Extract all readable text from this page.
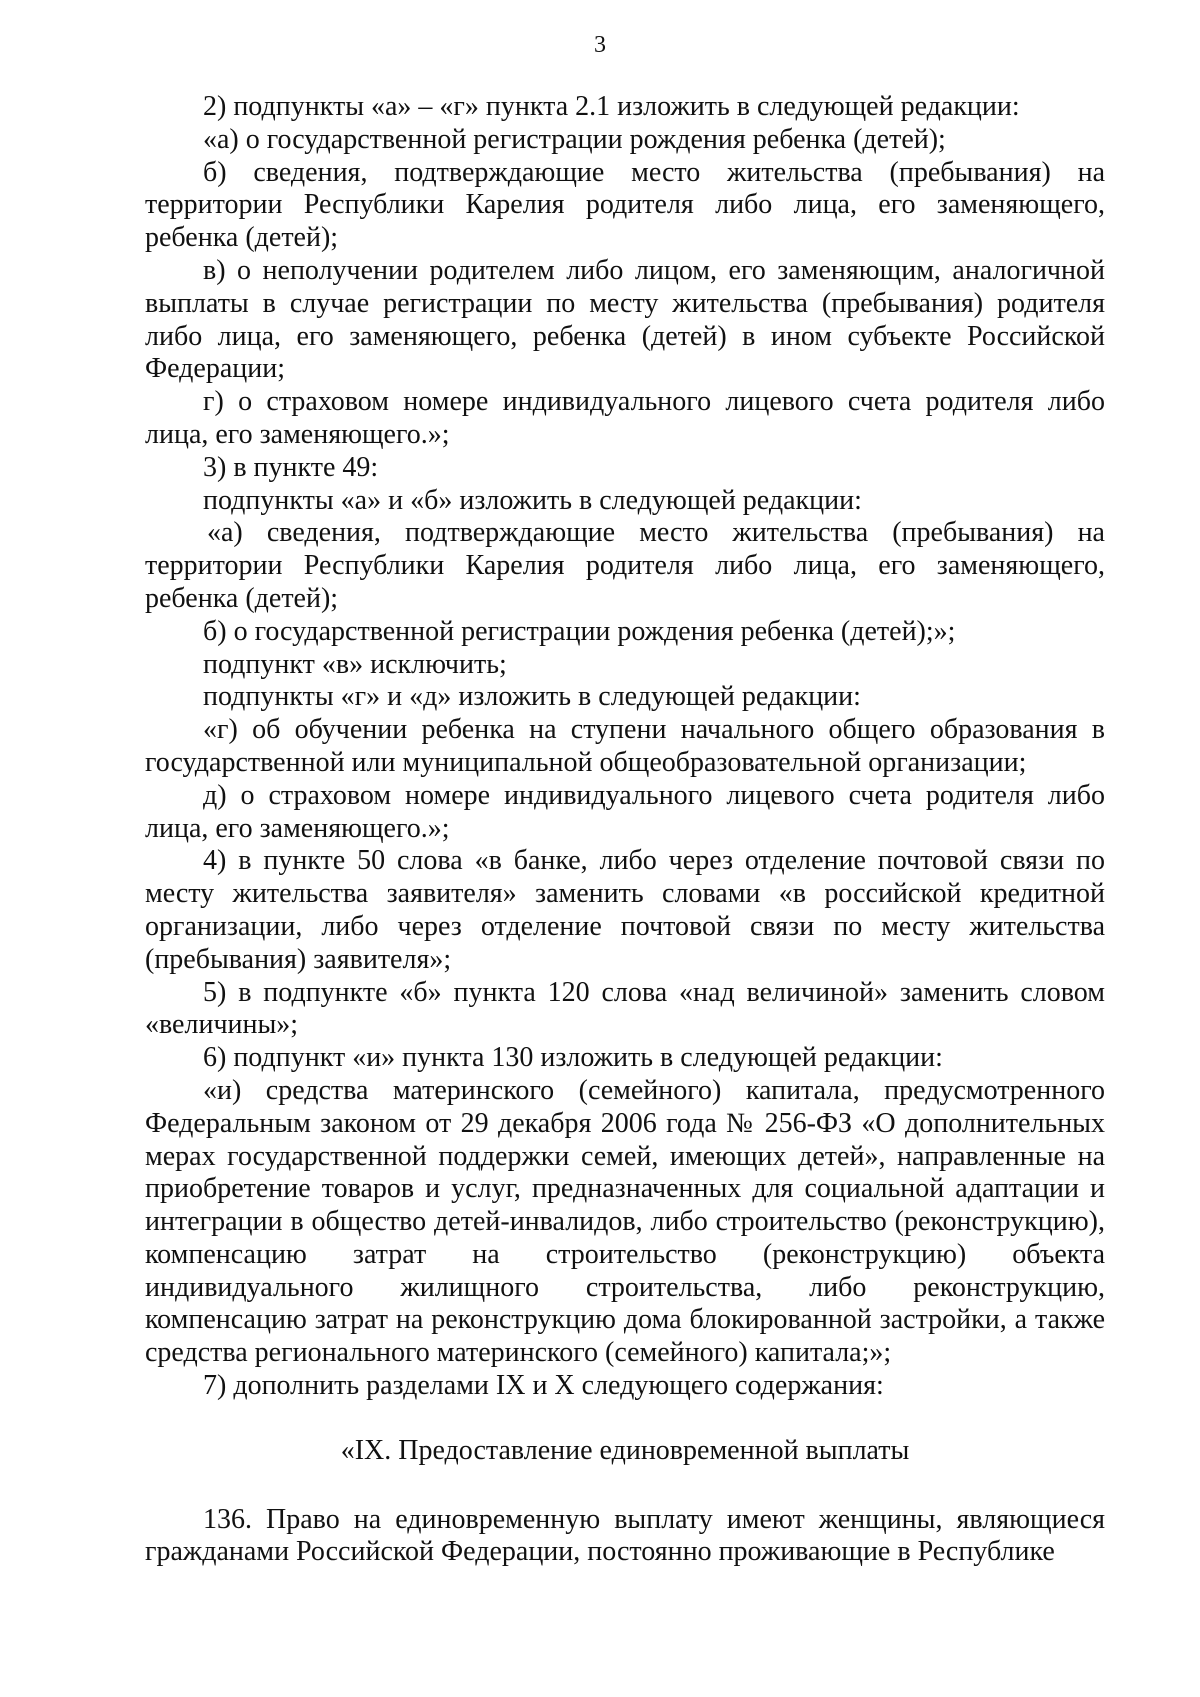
3

2) подпункты «а» – «г» пункта 2.1 изложить в следующей редакции:

«а) о государственной регистрации рождения ребенка (детей);

б) сведения, подтверждающие место жительства (пребывания) на территории Республики Карелия родителя либо лица, его заменяющего, ребенка (детей);

в) о неполучении родителем либо лицом, его заменяющим, аналогичной выплаты в случае регистрации по месту жительства (пребывания) родителя либо лица, его заменяющего, ребенка (детей) в ином субъекте Российской Федерации;

г) о страховом номере индивидуального лицевого счета родителя либо лица, его заменяющего.»;

3) в пункте 49:

подпункты «а» и «б» изложить в следующей редакции:

«а) сведения, подтверждающие место жительства (пребывания) на территории Республики Карелия родителя либо лица, его заменяющего, ребенка (детей);

б) о государственной регистрации рождения ребенка (детей);»;

подпункт «в» исключить;

подпункты «г» и «д» изложить в следующей редакции:

«г) об обучении ребенка на ступени начального общего образования в государственной или муниципальной общеобразовательной организации;

д) о страховом номере индивидуального лицевого счета родителя либо лица, его заменяющего.»;

4) в пункте 50 слова «в банке, либо через отделение почтовой связи по месту жительства заявителя» заменить словами «в российской кредитной организации, либо через отделение почтовой связи по месту жительства (пребывания) заявителя»;

5) в подпункте «б» пункта 120 слова «над величиной» заменить словом «величины»;

6) подпункт «и» пункта 130 изложить в следующей редакции:

«и) средства материнского (семейного) капитала, предусмотренного Федеральным законом от 29 декабря 2006 года № 256-ФЗ «О дополнительных мерах государственной поддержки семей, имеющих детей», направленные на приобретение товаров и услуг, предназначенных для социальной адаптации и интеграции в общество детей-инвалидов, либо строительство (реконструкцию), компенсацию затрат на строительство (реконструкцию) объекта индивидуального жилищного строительства, либо реконструкцию, компенсацию затрат на реконструкцию дома блокированной застройки, а также средства регионального материнского (семейного) капитала;»;

7) дополнить разделами IX и X следующего содержания:

«IX. Предоставление единовременной выплаты

136. Право на единовременную выплату имеют женщины, являющиеся гражданами Российской Федерации, постоянно проживающие в Республике
